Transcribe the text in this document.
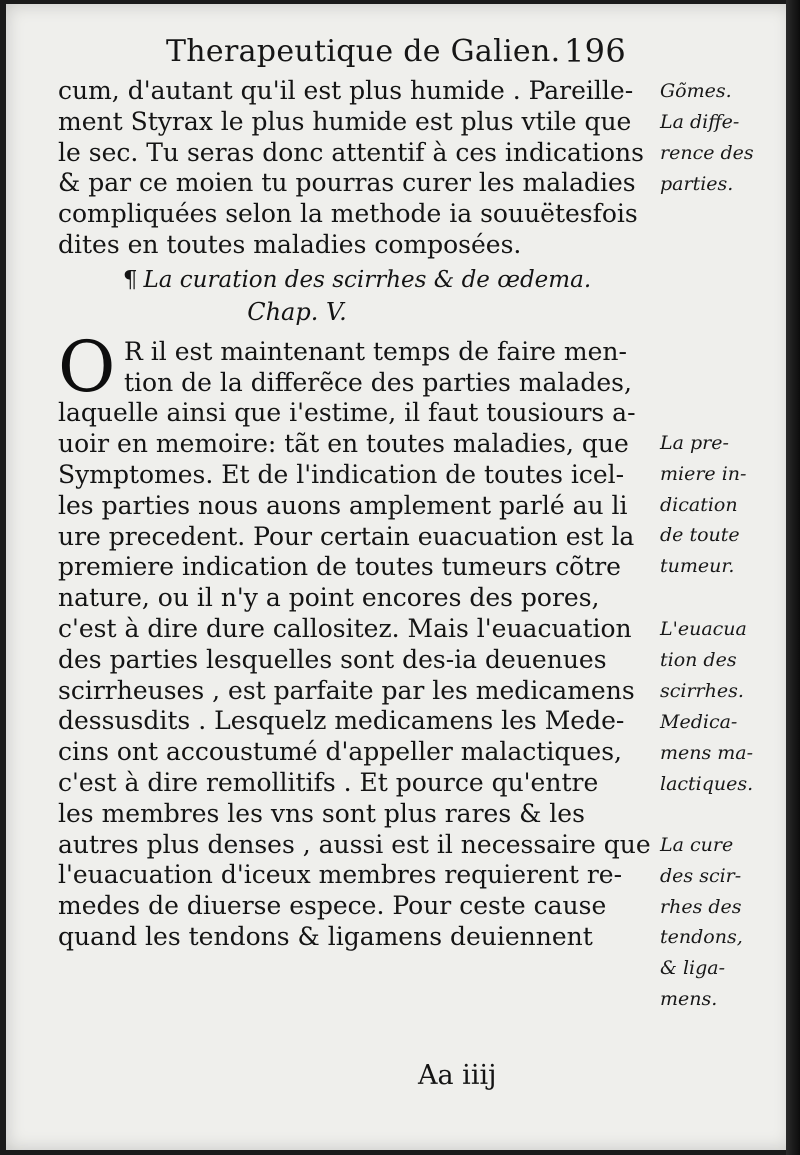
Therapeutique de Galien. 196
cum, d'autant qu'il est plus humide . Pareille-
ment Styrax le plus humide est plus vtile que
le sec. Tu seras donc attentif à ces indications
& par ce moien tu pourras curer les maladies
compliquées selon la methode ia souuëtesfois
dites en toutes maladies composées.
¶ La curation des scirrhes & de œdema.
Chap. V.
O R il est maintenant temps de faire men-
tion de la differẽce des parties malades,
laquelle ainsi que i'estime, il faut tousiours a-
uoir en memoire: tãt en toutes maladies, que
Symptomes. Et de l'indication de toutes icel-
les parties nous auons amplement parlé au li
ure precedent. Pour certain euacuation est la
premiere indication de toutes tumeurs cõtre
nature, ou il n'y a point encores des pores,
c'est à dire dure callositez. Mais l'euacuation
des parties lesquelles sont des-ia deuenues
scirrheuses , est parfaite par les medicamens
dessusdits . Lesquelz medicamens les Mede-
cins ont accoustumé d'appeller malactiques,
c'est à dire remollitifs . Et pource qu'entre
les membres les vns sont plus rares & les
autres plus denses , aussi est il necessaire que
l'euacuation d'iceux membres requierent re-
medes de diuerse espece. Pour ceste cause
quand les tendons & ligamens deuiennent
Gõmes.
La diffe-
rence des
parties.
La pre-
miere in-
dication
de toute
tumeur.
L'euacua
tion des
scirrhes.
Medica-
mens ma-
lactiques.
La cure
des scir-
rhes des
tendons,
& liga-
mens.
Aa iiij
